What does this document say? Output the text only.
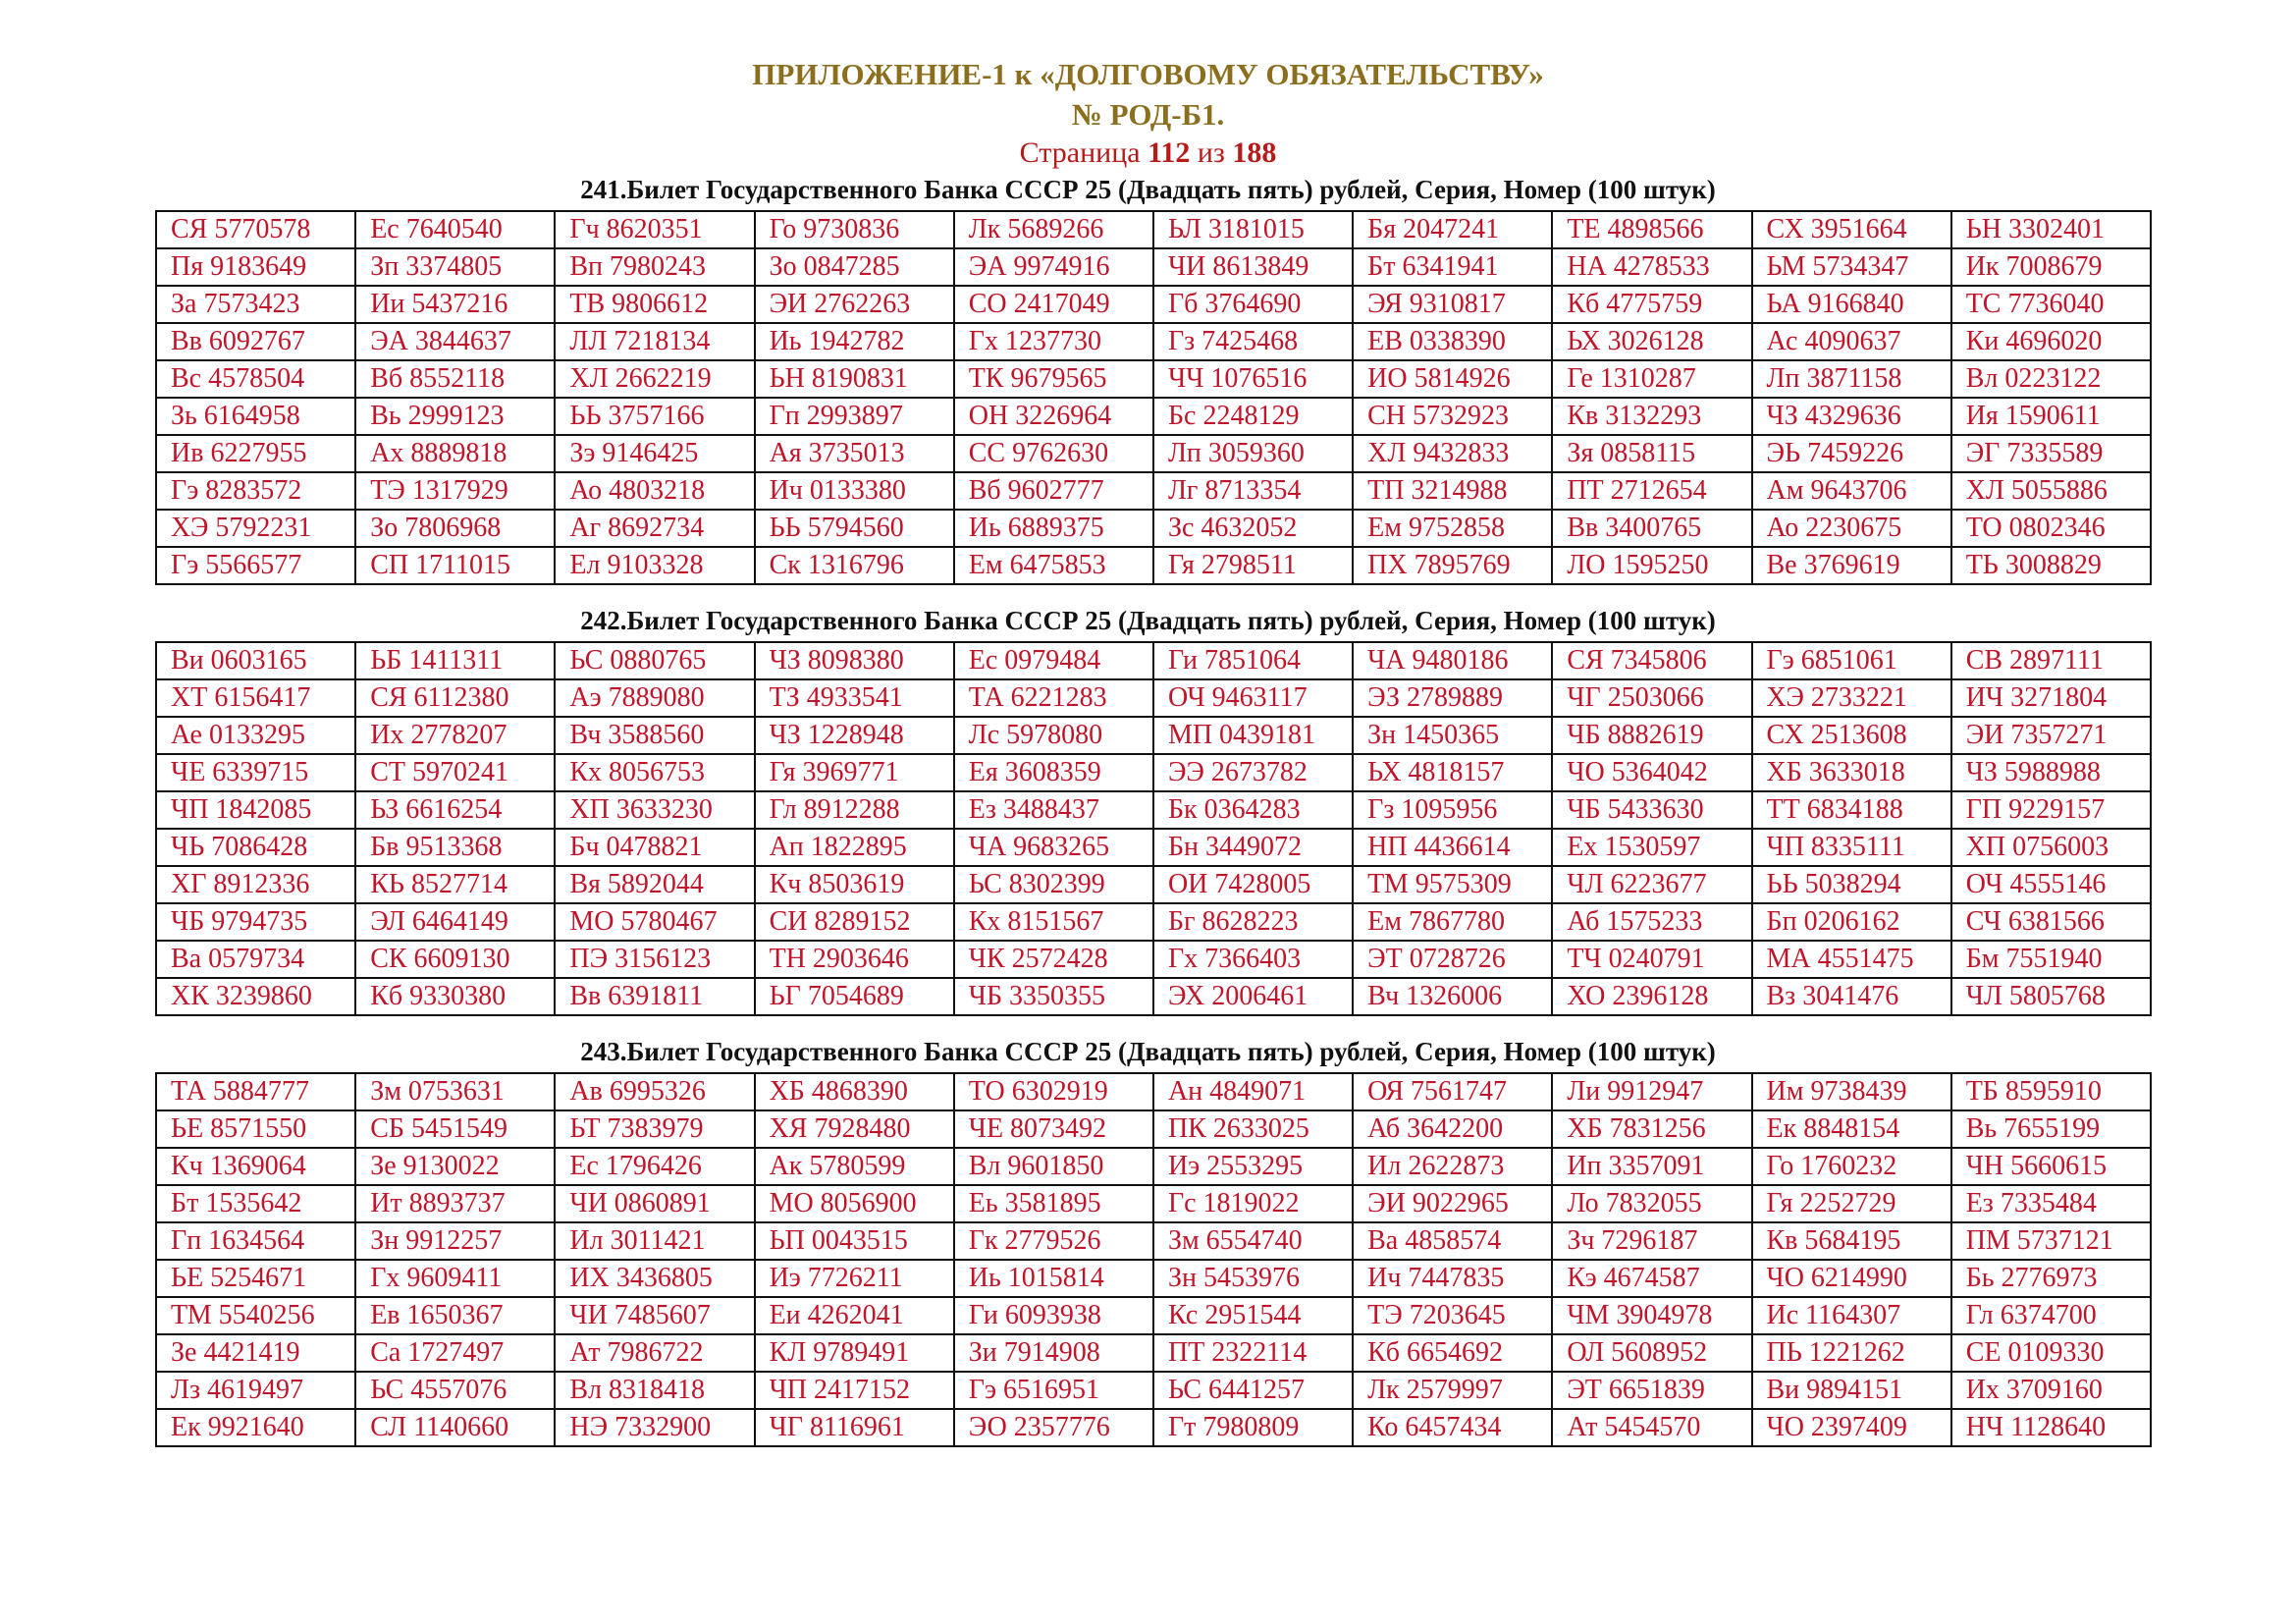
ПРИЛОЖЕНИЕ-1 к «ДОЛГОВОМУ ОБЯЗАТЕЛЬСТВУ»
№ РОД-Б1.
Страница 112 из 188
241.Билет Государственного Банка СССР 25 (Двадцать пять) рублей, Серия, Номер (100 штук)
СЯ 5770578	Ес 7640540	Гч 8620351	Го 9730836	Лк 5689266	ЬЛ 3181015	Бя 2047241	ТЕ 4898566	СХ 3951664	ЬН 3302401
Пя 9183649	Зп 3374805	Вп 7980243	Зо 0847285	ЭА 9974916	ЧИ 8613849	Бт 6341941	НА 4278533	ЬМ 5734347	Ик 7008679
За 7573423	Ии 5437216	ТВ 9806612	ЭИ 2762263	СО 2417049	Гб 3764690	ЭЯ 9310817	Кб 4775759	ЬА 9166840	ТС 7736040
Вв 6092767	ЭА 3844637	ЛЛ 7218134	Иь 1942782	Гх 1237730	Гз 7425468	ЕВ 0338390	ЬХ 3026128	Ас 4090637	Ки 4696020
Вс 4578504	Вб 8552118	ХЛ 2662219	ЬН 8190831	ТК 9679565	ЧЧ 1076516	ИО 5814926	Ге 1310287	Лп 3871158	Вл 0223122
Зь 6164958	Вь 2999123	ЬЬ 3757166	Гп 2993897	ОН 3226964	Бс 2248129	СН 5732923	Кв 3132293	ЧЗ 4329636	Ия 1590611
Ив 6227955	Ах 8889818	Зэ 9146425	Ая 3735013	СС 9762630	Лп 3059360	ХЛ 9432833	Зя 0858115	ЭЬ 7459226	ЭГ 7335589
Гэ 8283572	ТЭ 1317929	Ао 4803218	Ич 0133380	Вб 9602777	Лг 8713354	ТП 3214988	ПТ 2712654	Ам 9643706	ХЛ 5055886
ХЭ 5792231	Зо 7806968	Аг 8692734	ЬЬ 5794560	Иь 6889375	Зс 4632052	Ем 9752858	Вв 3400765	Ао 2230675	ТО 0802346
Гэ 5566577	СП 1711015	Ел 9103328	Ск 1316796	Ем 6475853	Гя 2798511	ПХ 7895769	ЛО 1595250	Ве 3769619	ТЬ 3008829
242.Билет Государственного Банка СССР 25 (Двадцать пять) рублей, Серия, Номер (100 штук)
Ви 0603165	ЬБ 1411311	ЬС 0880765	ЧЗ 8098380	Ес 0979484	Ги 7851064	ЧА 9480186	СЯ 7345806	Гэ 6851061	СВ 2897111
ХТ 6156417	СЯ 6112380	Аэ 7889080	ТЗ 4933541	ТА 6221283	ОЧ 9463117	ЭЗ 2789889	ЧГ 2503066	ХЭ 2733221	ИЧ 3271804
Ае 0133295	Их 2778207	Вч 3588560	ЧЗ 1228948	Лс 5978080	МП 0439181	Зн 1450365	ЧБ 8882619	СХ 2513608	ЭИ 7357271
ЧЕ 6339715	СТ 5970241	Кх 8056753	Гя 3969771	Ея 3608359	ЭЭ 2673782	ЬХ 4818157	ЧО 5364042	ХБ 3633018	ЧЗ 5988988
ЧП 1842085	ЬЗ 6616254	ХП 3633230	Гл 8912288	Ез 3488437	Бк 0364283	Гз 1095956	ЧБ 5433630	ТТ 6834188	ГП 9229157
ЧЬ 7086428	Бв 9513368	Бч 0478821	Ап 1822895	ЧА 9683265	Бн 3449072	НП 4436614	Ех 1530597	ЧП 8335111	ХП 0756003
ХГ 8912336	КЬ 8527714	Вя 5892044	Кч 8503619	ЬС 8302399	ОИ 7428005	ТМ 9575309	ЧЛ 6223677	ЬЬ 5038294	ОЧ 4555146
ЧБ 9794735	ЭЛ 6464149	МО 5780467	СИ 8289152	Кх 8151567	Бг 8628223	Ем 7867780	Аб 1575233	Бп 0206162	СЧ 6381566
Ва 0579734	СК 6609130	ПЭ 3156123	ТН 2903646	ЧК 2572428	Гх 7366403	ЭТ 0728726	ТЧ 0240791	МА 4551475	Бм 7551940
ХК 3239860	Кб 9330380	Вв 6391811	ЬГ 7054689	ЧБ 3350355	ЭХ 2006461	Вч 1326006	ХО 2396128	Вз 3041476	ЧЛ 5805768
243.Билет Государственного Банка СССР 25 (Двадцать пять) рублей, Серия, Номер (100 штук)
ТА 5884777	Зм 0753631	Ав 6995326	ХБ 4868390	ТО 6302919	Ан 4849071	ОЯ 7561747	Ли 9912947	Им 9738439	ТБ 8595910
ЬЕ 8571550	СБ 5451549	ЬТ 7383979	ХЯ 7928480	ЧЕ 8073492	ПК 2633025	Аб 3642200	ХБ 7831256	Ек 8848154	Вь 7655199
Кч 1369064	Зе 9130022	Ес 1796426	Ак 5780599	Вл 9601850	Иэ 2553295	Ил 2622873	Ип 3357091	Го 1760232	ЧН 5660615
Бт 1535642	Ит 8893737	ЧИ 0860891	МО 8056900	Еь 3581895	Гс 1819022	ЭИ 9022965	Ло 7832055	Гя 2252729	Ез 7335484
Гп 1634564	Зн 9912257	Ил 3011421	ЬП 0043515	Гк 2779526	Зм 6554740	Ва 4858574	Зч 7296187	Кв 5684195	ПМ 5737121
ЬЕ 5254671	Гх 9609411	ИХ 3436805	Иэ 7726211	Иь 1015814	Зн 5453976	Ич 7447835	Кэ 4674587	ЧО 6214990	Бь 2776973
ТМ 5540256	Ев 1650367	ЧИ 7485607	Еи 4262041	Ги 6093938	Кс 2951544	ТЭ 7203645	ЧМ 3904978	Ис 1164307	Гл 6374700
Зе 4421419	Са 1727497	Ат 7986722	КЛ 9789491	Зи 7914908	ПТ 2322114	Кб 6654692	ОЛ 5608952	ПЬ 1221262	СЕ 0109330
Лз 4619497	ЬС 4557076	Вл 8318418	ЧП 2417152	Гэ 6516951	ЬС 6441257	Лк 2579997	ЭТ 6651839	Ви 9894151	Их 3709160
Ек 9921640	СЛ 1140660	НЭ 7332900	ЧГ 8116961	ЭО 2357776	Гт 7980809	Ко 6457434	Ат 5454570	ЧО 2397409	НЧ 1128640
